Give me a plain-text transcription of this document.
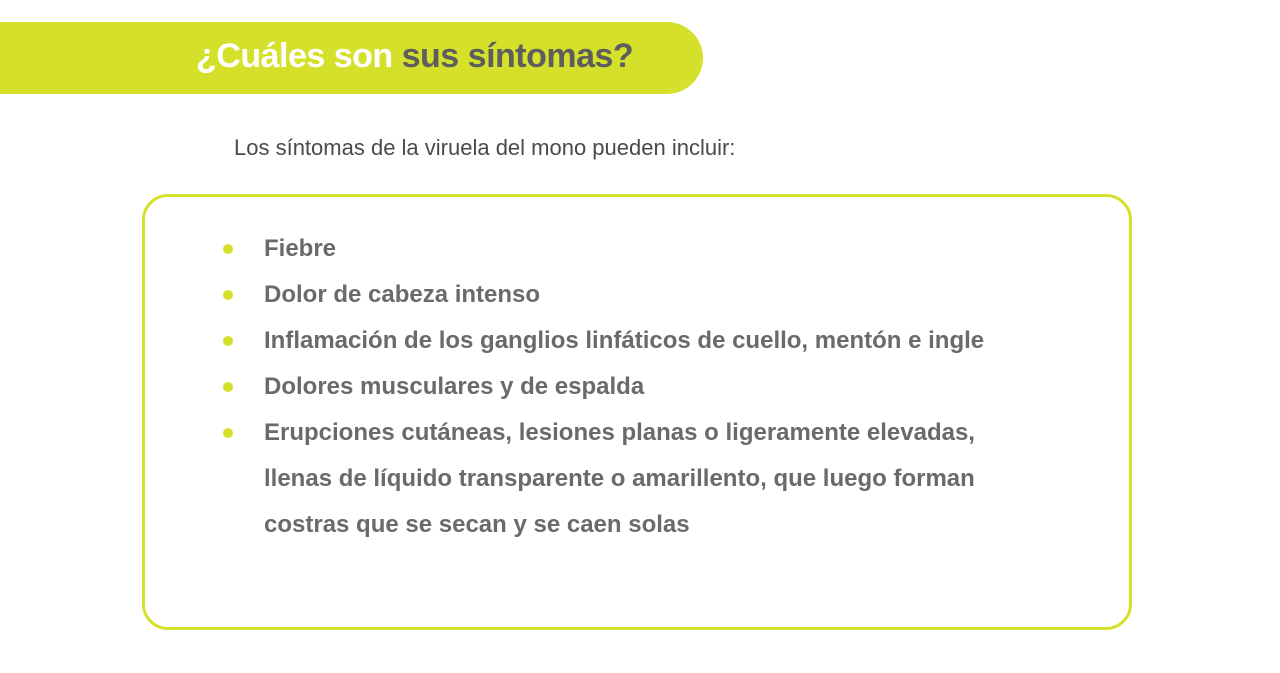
¿Cuáles son sus síntomas?

Los síntomas de la viruela del mono pueden incluir:

Fiebre
Dolor de cabeza intenso
Inflamación de los ganglios linfáticos de cuello, mentón e ingle
Dolores musculares y de espalda
Erupciones cutáneas, lesiones planas o ligeramente elevadas, llenas de líquido transparente o amarillento, que luego forman costras que se secan y se caen solas
